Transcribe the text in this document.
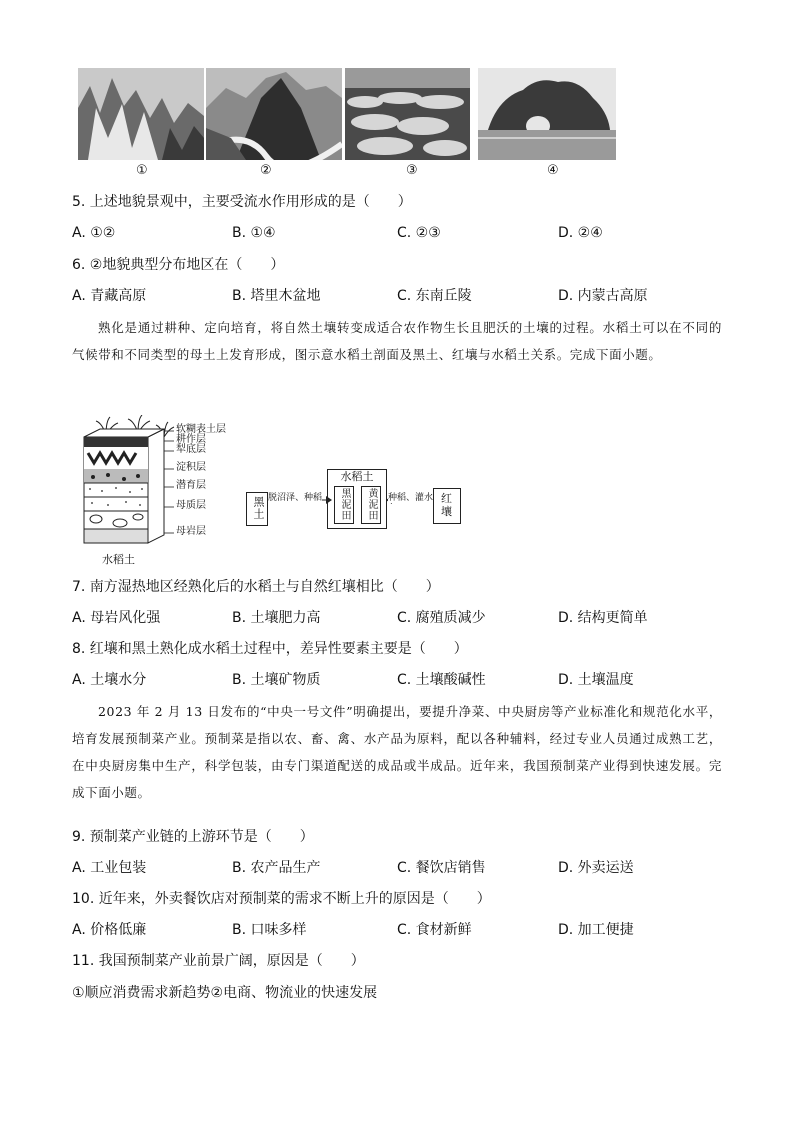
①	②	③	④
5. 上述地貌景观中，主要受流水作用形成的是（　　）
A. ①②	B. ①④	C. ②③	D. ②④
6. ②地貌典型分布地区在（　　）
A. 青藏高原	B. 塔里木盆地	C. 东南丘陵	D. 内蒙古高原
熟化是通过耕种、定向培育，将自然土壤转变成适合农作物生长且肥沃的土壤的过程。水稻土可以在不同的气候带和不同类型的母土上发育形成，图示意水稻土剖面及黑土、红壤与水稻土关系。完成下面小题。
软糊表土层
耕作层
犁底层
淀积层
潜育层
母质层
母岩层
水稻土
黑土
水稻土
黑泥田	黄泥田	红壤
脱沼泽、种稻	种稻、灌水
7. 南方湿热地区经熟化后的水稻土与自然红壤相比（　　）
A. 母岩风化强	B. 土壤肥力高	C. 腐殖质减少	D. 结构更简单
8. 红壤和黑土熟化成水稻土过程中，差异性要素主要是（　　）
A. 土壤水分	B. 土壤矿物质	C. 土壤酸碱性	D. 土壤温度
2023 年 2 月 13 日发布的“中央一号文件”明确提出，要提升净菜、中央厨房等产业标准化和规范化水平，培育发展预制菜产业。预制菜是指以农、畜、禽、水产品为原料，配以各种辅料，经过专业人员通过成熟工艺，在中央厨房集中生产，科学包装，由专门渠道配送的成品或半成品。近年来，我国预制菜产业得到快速发展。完成下面小题。
9. 预制菜产业链的上游环节是（　　）
A. 工业包装	B. 农产品生产	C. 餐饮店销售	D. 外卖运送
10. 近年来，外卖餐饮店对预制菜的需求不断上升的原因是（　　）
A. 价格低廉	B. 口味多样	C. 食材新鲜	D. 加工便捷
11. 我国预制菜产业前景广阔，原因是（　　）
①顺应消费需求新趋势②电商、物流业的快速发展
